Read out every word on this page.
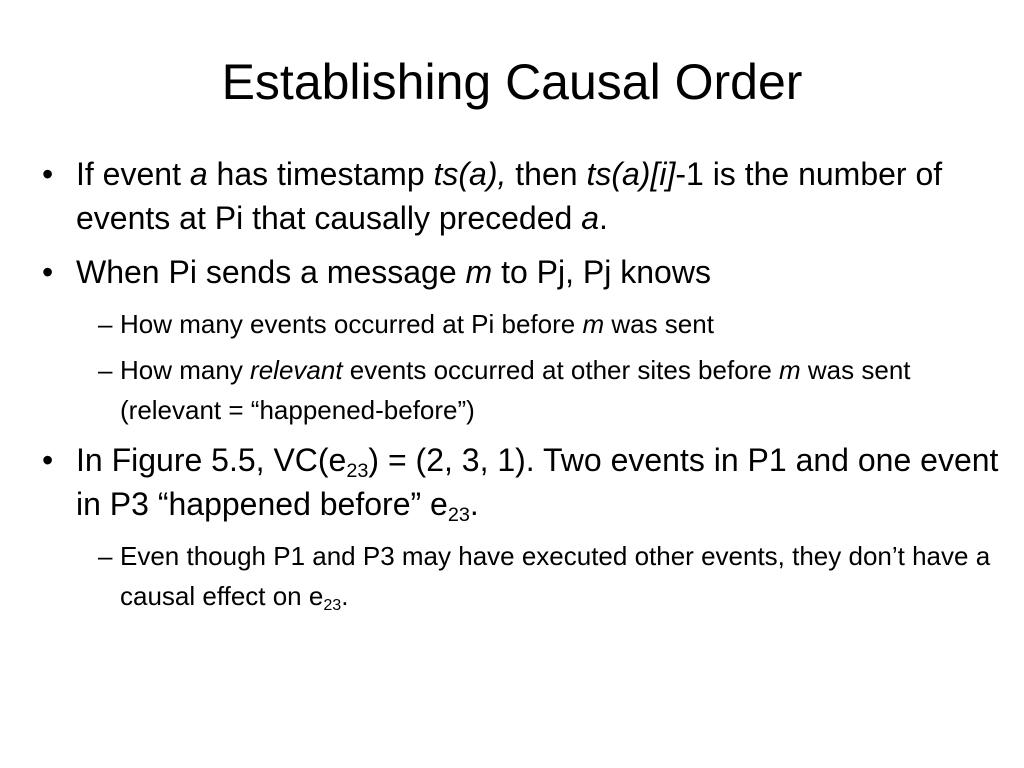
Establishing Causal Order
• If event a has timestamp ts(a), then ts(a)[i]-1 is the number of events at Pi that causally preceded a.
• When Pi sends a message m to Pj, Pj knows
– How many events occurred at Pi before m was sent
– How many relevant events occurred at other sites before m was sent (relevant = “happened-before”)
• In Figure 5.5, $VC(e_{23}) = (2$, 3, 1). Two events in P1 and one event in P3 “happened before” $e_{23}$.
– Even though P1 and P3 may have executed other events, they don’t have a causal effect on $e_{23}$.
